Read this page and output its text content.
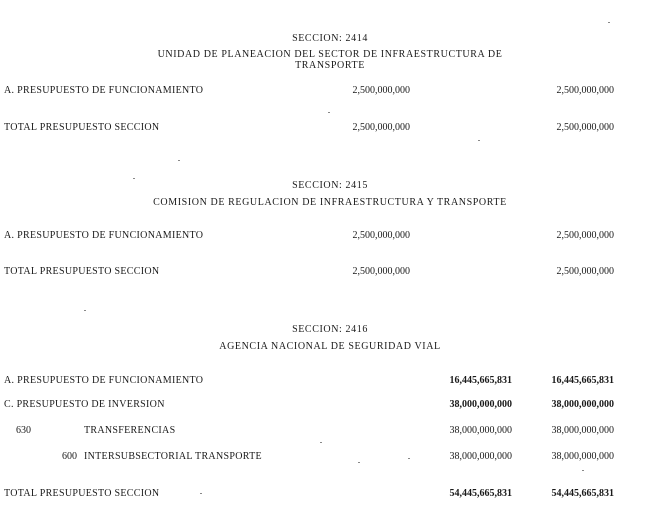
SECCION: 2414
UNIDAD DE PLANEACION DEL SECTOR DE INFRAESTRUCTURA DE TRANSPORTE
A. PRESUPUESTO DE FUNCIONAMIENTO	2,500,000,000	2,500,000,000
TOTAL PRESUPUESTO SECCION	2,500,000,000	2,500,000,000
SECCION: 2415
COMISION DE REGULACION DE INFRAESTRUCTURA Y TRANSPORTE
A. PRESUPUESTO DE FUNCIONAMIENTO	2,500,000,000	2,500,000,000
TOTAL PRESUPUESTO SECCION	2,500,000,000	2,500,000,000
SECCION: 2416
AGENCIA NACIONAL DE SEGURIDAD VIAL
A. PRESUPUESTO DE FUNCIONAMIENTO	16,445,665,831	16,445,665,831
C. PRESUPUESTO DE INVERSION	38,000,000,000	38,000,000,000
630	TRANSFERENCIAS	38,000,000,000	38,000,000,000
600 INTERSUBSECTORIAL TRANSPORTE	38,000,000,000	38,000,000,000
TOTAL PRESUPUESTO SECCION	54,445,665,831	54,445,665,831
